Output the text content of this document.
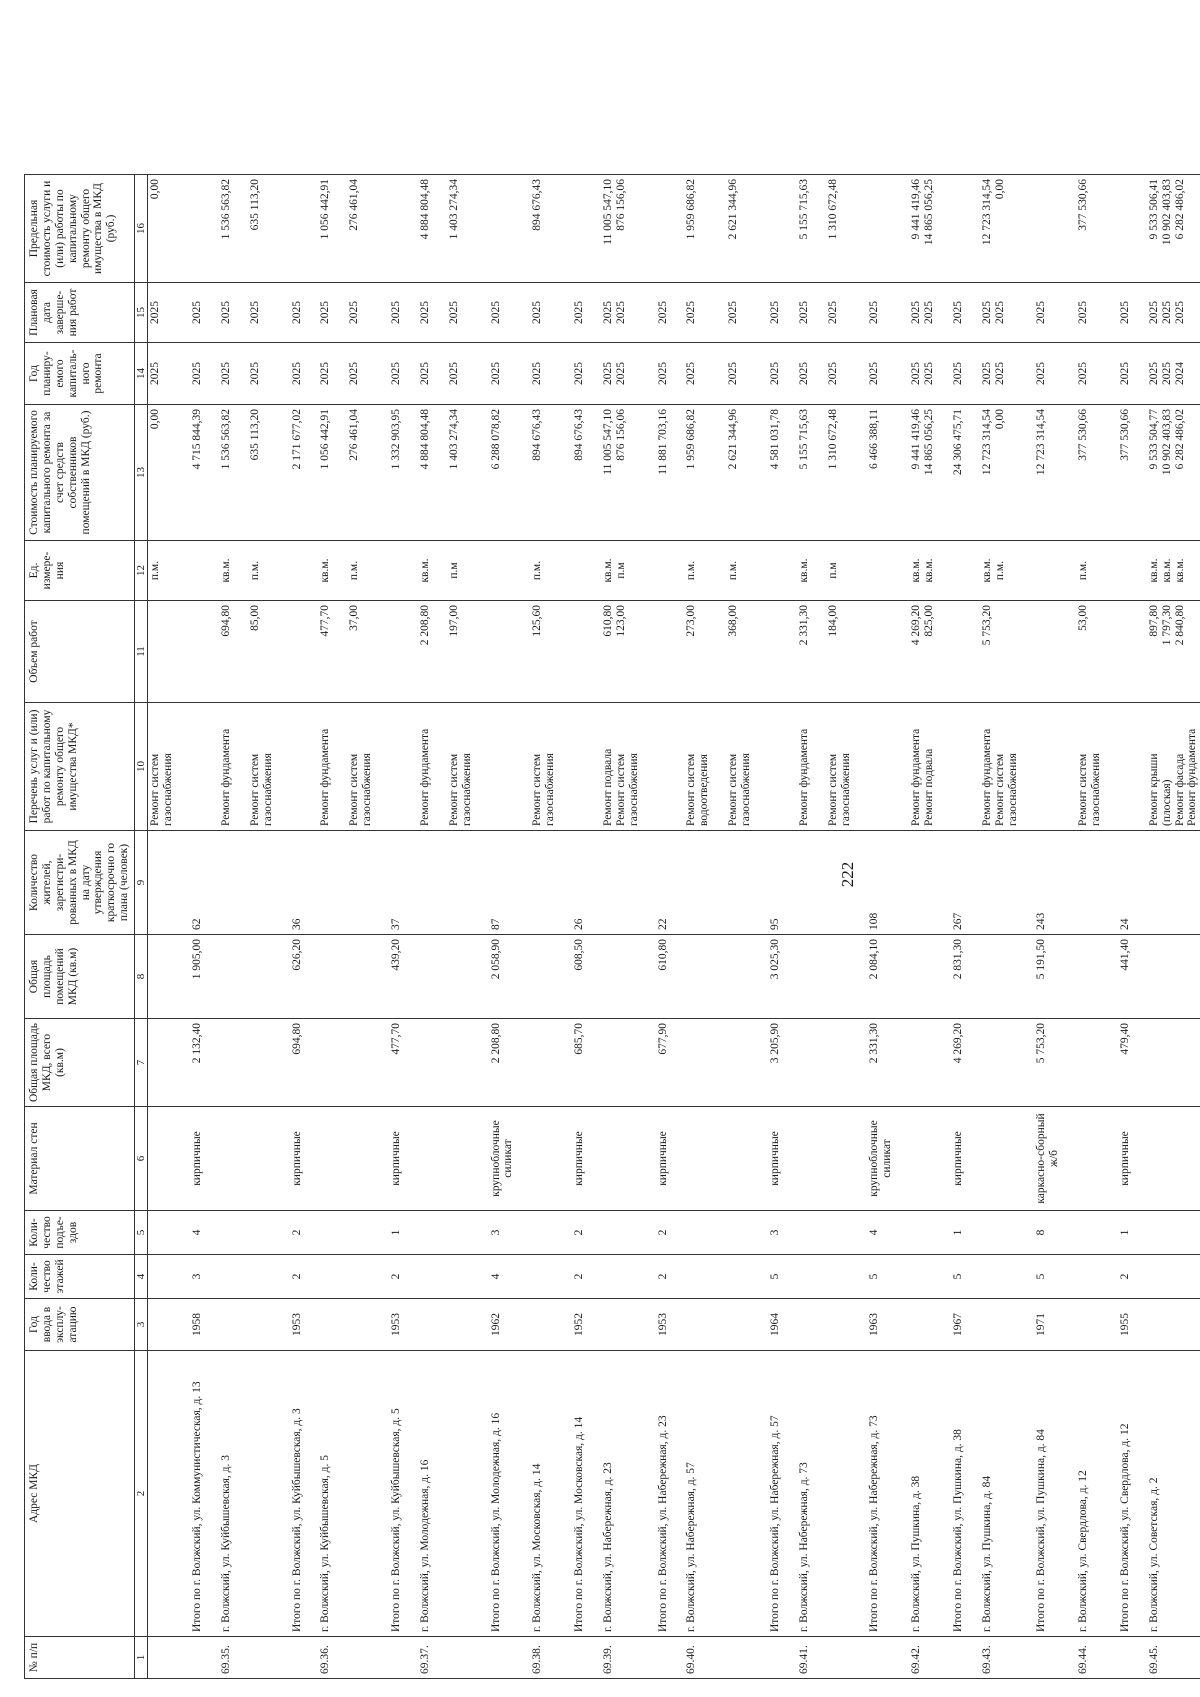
222
№ п/п	Адрес МКД	Год ввода в эксплу-атацию	Коли-чество этажей	Коли-чество подъе-здов	Материал стен	Общая площадь МКД, всего (кв.м)	Общая площадь помещений МКД (кв.м)	Количество жителей, зарегистри-рованных в МКД на дату утверждения краткосрочно го плана (человек)	Перечень услуг и (или) работ по капитальному ремонту общего имущества МКД*	Объем работ	Ед. измере-ния	Стоимость планируемого капитального ремонта за счет средств собственников помещений в МКД (руб.)	Год планиру-емого капиталь-ного ремонта	Плановая дата заверше-ния работ	Предельная стоимость услуги и (или) работы по капитальному ремонту общего имущества в МКД (руб.)
1	2	3	4	5	6	7	8	9	10	11	12	13	14	15	16

									Ремонт систем газоснабжения		п.м.	0,00	2025	2025	0,00

	Итого по г. Волжский, ул. Коммунистическая, д. 13	1958	3	4	кирпичные	2 132,40	1 905,00	62				4 715 844,39	2025	2025	

69.35.	г. Волжский, ул. Куйбышевская, д. 3								Ремонт фундамента	694,80	кв.м.	1 536 563,82	2025	2025	1 536 563,82

									Ремонт систем газоснабжения	85,00	п.м.	635 113,20	2025	2025	635 113,20

	Итого по г. Волжский, ул. Куйбышевская, д. 3	1953	2	2	кирпичные	694,80	626,20	36				2 171 677,02	2025	2025	

69.36.	г. Волжский, ул. Куйбышевская, д. 5								Ремонт фундамента	477,70	кв.м.	1 056 442,91	2025	2025	1 056 442,91

									Ремонт систем газоснабжения	37,00	п.м.	276 461,04	2025	2025	276 461,04

	Итого по г. Волжский, ул. Куйбышевская, д. 5	1953	2	1	кирпичные	477,70	439,20	37				1 332 903,95	2025	2025	

69.37.	г. Волжский, ул. Молодежная, д. 16								Ремонт фундамента	2 208,80	кв.м.	4 884 804,48	2025	2025	4 884 804,48

									Ремонт систем газоснабжения	197,00	п.м	1 403 274,34	2025	2025	1 403 274,34

	Итого по г. Волжский, ул. Молодежная, д. 16	1962	4	3	крупноблочные силикат	2 208,80	2 058,90	87				6 288 078,82	2025	2025	

69.38.	г. Волжский, ул. Московская, д. 14								Ремонт систем газоснабжения	125,60	п.м.	894 676,43	2025	2025	894 676,43

	Итого по г. Волжский, ул. Московская, д. 14	1952	2	2	кирпичные	685,70	608,50	26				894 676,43	2025	2025	

69.39.	г. Волжский, ул. Набережная, д. 23								Ремонт подвала Ремонт систем газоснабжения	610,80 123,00	кв.м. п.м	11 005 547,10 876 156,06	2025 2025	2025 2025	11 005 547,10 876 156,06

	Итого по г. Волжский, ул. Набережная, д. 23	1953	2	2	кирпичные	677,90	610,80	22				11 881 703,16	2025	2025	

69.40.	г. Волжский, ул. Набережная, д. 57								Ремонт систем водоотведения	273,00	п.м.	1 959 686,82	2025	2025	1 959 686,82

									Ремонт систем газоснабжения	368,00	п.м.	2 621 344,96	2025	2025	2 621 344,96

	Итого по г. Волжский, ул. Набережная, д. 57	1964	5	3	кирпичные	3 205,90	3 025,30	95				4 581 031,78	2025	2025	

69.41.	г. Волжский, ул. Набережная, д. 73								Ремонт фундамента	2 331,30	кв.м.	5 155 715,63	2025	2025	5 155 715,63

									Ремонт систем газоснабжения	184,00	п.м	1 310 672,48	2025	2025	1 310 672,48

	Итого по г. Волжский, ул. Набережная, д. 73	1963	5	4	крупноблочные силикат	2 331,30	2 084,10	108				6 466 388,11	2025	2025	

69.42.	г. Волжский, ул. Пушкина, д. 38								Ремонт фундамента Ремонт подвала	4 269,20 825,00	кв.м. кв.м.	9 441 419,46 14 865 056,25	2025 2025	2025 2025	9 441 419,46 14 865 056,25

	Итого по г. Волжский, ул. Пушкина, д. 38	1967	5	1	кирпичные	4 269,20	2 831,30	267				24 306 475,71	2025	2025	

69.43.	г. Волжский, ул. Пушкина, д. 84								Ремонт фундамента Ремонт систем газоснабжения	5 753,20	кв.м. п.м.	12 723 314,54 0,00	2025 2025	2025 2025	12 723 314,54 0,00

	Итого по г. Волжский, ул. Пушкина, д. 84	1971	5	8	каркасно-сборный ж/б	5 753,20	5 191,50	243				12 723 314,54	2025	2025	

69.44.	г. Волжский, ул. Свердлова, д. 12								Ремонт систем газоснабжения	53,00	п.м.	377 530,66	2025	2025	377 530,66

	Итого по г. Волжский, ул. Свердлова, д. 12	1955	2	1	кирпичные	479,40	441,40	24				377 530,66	2025	2025	

69.45.	г. Волжский, ул. Советская, д. 2								Ремонт крыши (плоская) Ремонт фасада Ремонт фундамента	897,80 1 797,30 2 840,80	кв.м. кв.м. кв.м.	9 533 504,77 10 902 403,83 6 282 486,02	2025 2025 2024	2025 2025 2025	9 533 506,41 10 902 403,83 6 282 486,02
